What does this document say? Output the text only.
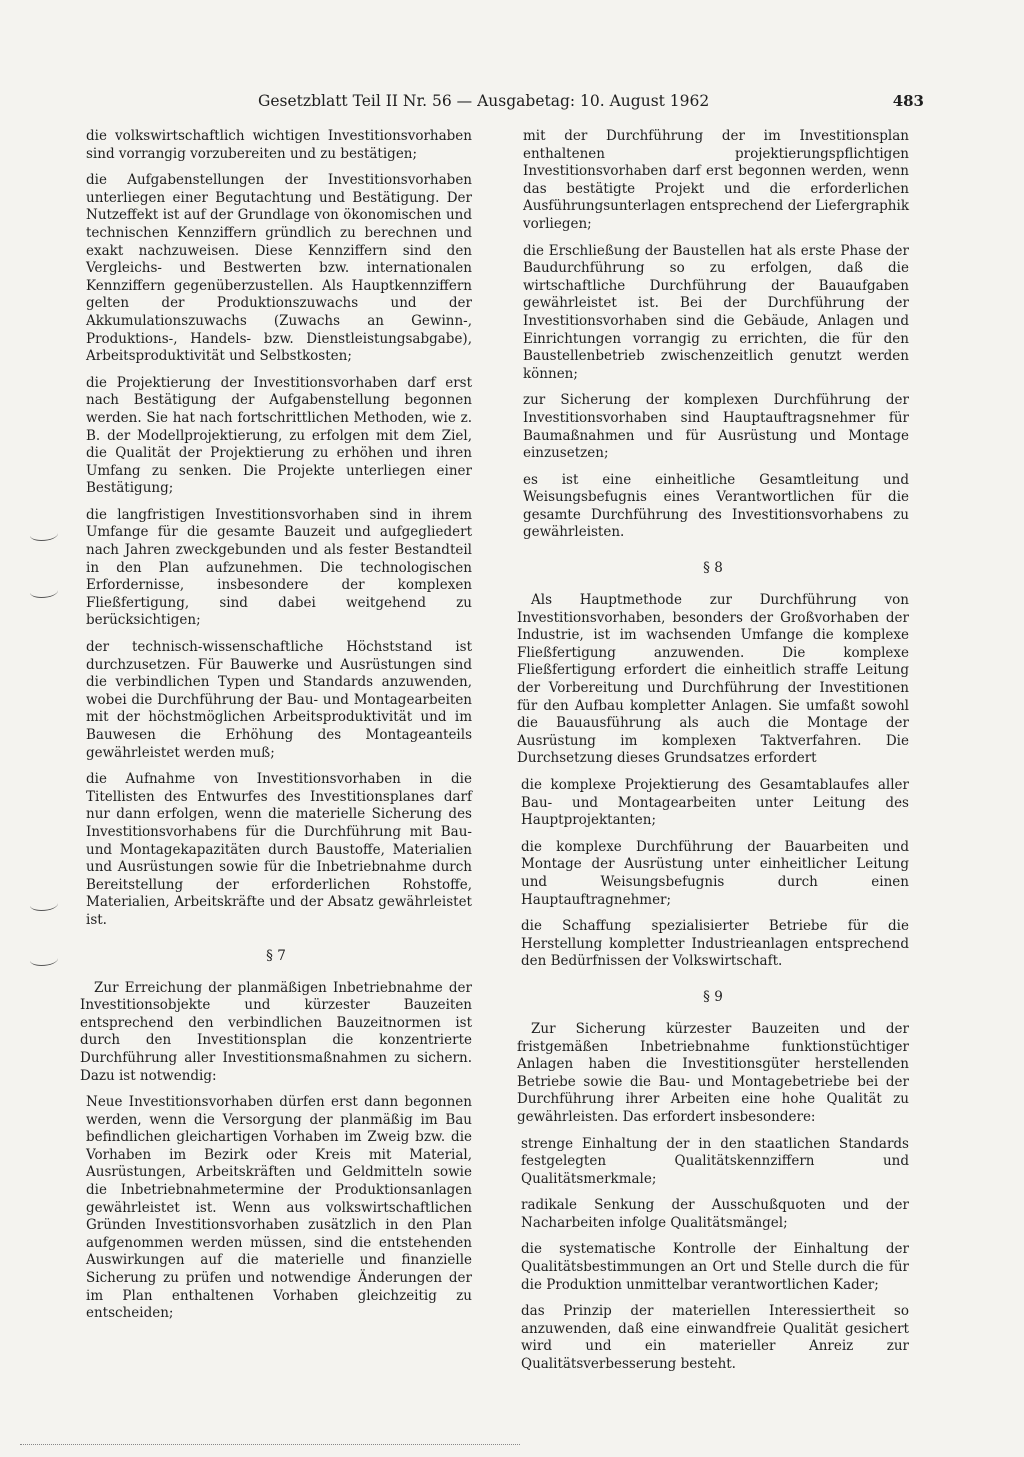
Gesetzblatt Teil II Nr. 56 — Ausgabetag: 10. August 1962	483

die volkswirtschaftlich wichtigen Investitionsvorhaben sind vorrangig vorzubereiten und zu bestätigen;

die Aufgabenstellungen der Investitionsvorhaben unterliegen einer Begutachtung und Bestätigung. Der Nutzeffekt ist auf der Grundlage von ökonomischen und technischen Kennziffern gründlich zu berechnen und exakt nachzuweisen. Diese Kennziffern sind den Vergleichs- und Bestwerten bzw. internationalen Kennziffern gegenüberzustellen. Als Hauptkennziffern gelten der Produktionszuwachs und der Akkumulationszuwachs (Zuwachs an Gewinn-, Produktions-, Handels- bzw. Dienstleistungsabgabe), Arbeitsproduktivität und Selbstkosten;

die Projektierung der Investitionsvorhaben darf erst nach Bestätigung der Aufgabenstellung begonnen werden. Sie hat nach fortschrittlichen Methoden, wie z. B. der Modellprojektierung, zu erfolgen mit dem Ziel, die Qualität der Projektierung zu erhöhen und ihren Umfang zu senken. Die Projekte unterliegen einer Bestätigung;

die langfristigen Investitionsvorhaben sind in ihrem Umfange für die gesamte Bauzeit und aufgegliedert nach Jahren zweckgebunden und als fester Bestandteil in den Plan aufzunehmen. Die technologischen Erfordernisse, insbesondere der komplexen Fließfertigung, sind dabei weitgehend zu berücksichtigen;

der technisch-wissenschaftliche Höchststand ist durchzusetzen. Für Bauwerke und Ausrüstungen sind die verbindlichen Typen und Standards anzuwenden, wobei die Durchführung der Bau- und Montagearbeiten mit der höchstmöglichen Arbeitsproduktivität und im Bauwesen die Erhöhung des Montageanteils gewährleistet werden muß;

die Aufnahme von Investitionsvorhaben in die Titellisten des Entwurfes des Investitionsplanes darf nur dann erfolgen, wenn die materielle Sicherung des Investitionsvorhabens für die Durchführung mit Bau- und Montagekapazitäten durch Baustoffe, Materialien und Ausrüstungen sowie für die Inbetriebnahme durch Bereitstellung der erforderlichen Rohstoffe, Materialien, Arbeitskräfte und der Absatz gewährleistet ist.

§ 7

Zur Erreichung der planmäßigen Inbetriebnahme der Investitionsobjekte und kürzester Bauzeiten entsprechend den verbindlichen Bauzeitnormen ist durch den Investitionsplan die konzentrierte Durchführung aller Investitionsmaßnahmen zu sichern. Dazu ist notwendig:

Neue Investitionsvorhaben dürfen erst dann begonnen werden, wenn die Versorgung der planmäßig im Bau befindlichen gleichartigen Vorhaben im Zweig bzw. die Vorhaben im Bezirk oder Kreis mit Material, Ausrüstungen, Arbeitskräften und Geldmitteln sowie die Inbetriebnahmetermine der Produktionsanlagen gewährleistet ist. Wenn aus volkswirtschaftlichen Gründen Investitionsvorhaben zusätzlich in den Plan aufgenommen werden müssen, sind die entstehenden Auswirkungen auf die materielle und finanzielle Sicherung zu prüfen und notwendige Änderungen der im Plan enthaltenen Vorhaben gleichzeitig zu entscheiden;

mit der Durchführung der im Investitionsplan enthaltenen projektierungspflichtigen Investitionsvorhaben darf erst begonnen werden, wenn das bestätigte Projekt und die erforderlichen Ausführungsunterlagen entsprechend der Liefergraphik vorliegen;

die Erschließung der Baustellen hat als erste Phase der Baudurchführung so zu erfolgen, daß die wirtschaftliche Durchführung der Bauaufgaben gewährleistet ist. Bei der Durchführung der Investitionsvorhaben sind die Gebäude, Anlagen und Einrichtungen vorrangig zu errichten, die für den Baustellenbetrieb zwischenzeitlich genutzt werden können;

zur Sicherung der komplexen Durchführung der Investitionsvorhaben sind Hauptauftragsnehmer für Baumaßnahmen und für Ausrüstung und Montage einzusetzen;

es ist eine einheitliche Gesamtleitung und Weisungsbefugnis eines Verantwortlichen für die gesamte Durchführung des Investitionsvorhabens zu gewährleisten.

§ 8

Als Hauptmethode zur Durchführung von Investitionsvorhaben, besonders der Großvorhaben der Industrie, ist im wachsenden Umfange die komplexe Fließfertigung anzuwenden. Die komplexe Fließfertigung erfordert die einheitlich straffe Leitung der Vorbereitung und Durchführung der Investitionen für den Aufbau kompletter Anlagen. Sie umfaßt sowohl die Bauausführung als auch die Montage der Ausrüstung im komplexen Taktverfahren. Die Durchsetzung dieses Grundsatzes erfordert

die komplexe Projektierung des Gesamtablaufes aller Bau- und Montagearbeiten unter Leitung des Hauptprojektanten;

die komplexe Durchführung der Bauarbeiten und Montage der Ausrüstung unter einheitlicher Leitung und Weisungsbefugnis durch einen Hauptauftragnehmer;

die Schaffung spezialisierter Betriebe für die Herstellung kompletter Industrieanlagen entsprechend den Bedürfnissen der Volkswirtschaft.

§ 9

Zur Sicherung kürzester Bauzeiten und der fristgemäßen Inbetriebnahme funktionstüchtiger Anlagen haben die Investitionsgüter herstellenden Betriebe sowie die Bau- und Montagebetriebe bei der Durchführung ihrer Arbeiten eine hohe Qualität zu gewährleisten. Das erfordert insbesondere:

strenge Einhaltung der in den staatlichen Standards festgelegten Qualitätskennziffern und Qualitätsmerkmale;

radikale Senkung der Ausschußquoten und der Nacharbeiten infolge Qualitätsmängel;

die systematische Kontrolle der Einhaltung der Qualitätsbestimmungen an Ort und Stelle durch die für die Produktion unmittelbar verantwortlichen Kader;

das Prinzip der materiellen Interessiertheit so anzuwenden, daß eine einwandfreie Qualität gesichert wird und ein materieller Anreiz zur Qualitätsverbesserung besteht.
